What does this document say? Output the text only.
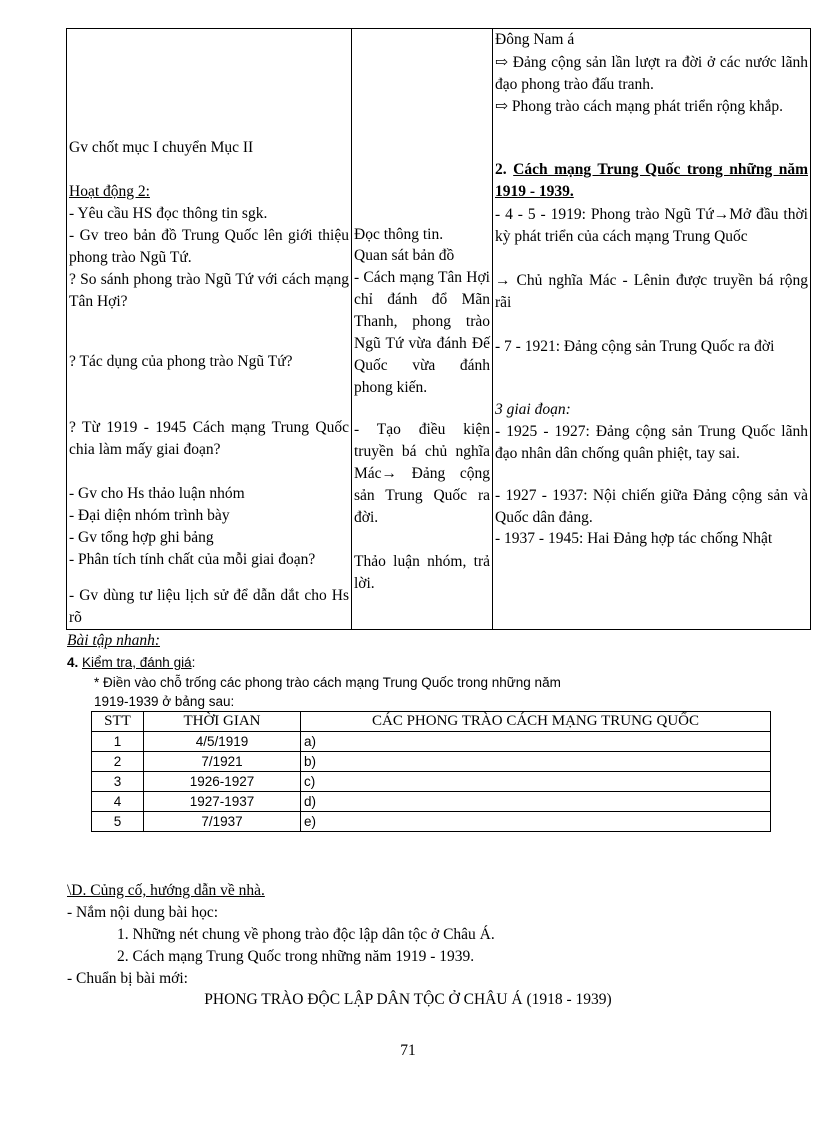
Gv chốt mục I chuyển Mục II
Hoạt động 2:
- Yêu cầu HS đọc thông tin sgk.
- Gv treo bản đồ Trung Quốc lên giới thiệu phong trào Ngũ Tứ.
? So sánh phong trào Ngũ Tứ với cách mạng Tân Hợi?
? Tác dụng của phong trào Ngũ Tứ?
? Từ 1919 - 1945 Cách mạng Trung Quốc chia làm mấy giai đoạn?
- Gv cho Hs thảo luận nhóm
- Đại diện nhóm trình bày
- Gv tổng hợp ghi bảng
- Phân tích tính chất của mỗi giai đoạn?
- Gv dùng tư liệu lịch sử để dẫn dắt cho Hs rõ

Đọc thông tin.
Quan sát bản đồ
- Cách mạng Tân Hợi chỉ đánh đổ Mãn Thanh, phong trào Ngũ Tứ vừa đánh Đế Quốc vừa đánh phong kiến.
- Tạo điều kiện truyền bá chủ nghĩa Mác→ Đảng cộng sản Trung Quốc ra đời.
Thảo luận nhóm, trả lời.

Đông Nam á
⇨ Đảng cộng sản lần lượt ra đời ở các nước lãnh đạo phong trào đấu tranh.
⇨ Phong trào cách mạng phát triển rộng khắp.
2. Cách mạng Trung Quốc trong những năm 1919 - 1939.
- 4 - 5 - 1919: Phong trào Ngũ Tứ→Mở đầu thời kỳ phát triển của cách mạng Trung Quốc
→ Chủ nghĩa Mác - Lênin được truyền bá rộng rãi
- 7 - 1921: Đảng cộng sản Trung Quốc ra đời
3 giai đoạn:
- 1925 - 1927: Đảng cộng sản Trung Quốc lãnh đạo nhân dân chống quân phiệt, tay sai.
- 1927 - 1937: Nội chiến giữa Đảng cộng sản và Quốc dân đảng.
- 1937 - 1945: Hai Đảng hợp tác chống Nhật
Bài tập nhanh:
4. Kiểm tra, đánh giá:
* Điền vào chỗ trống các phong trào cách mạng Trung Quốc trong những năm
1919-1939 ở bảng sau:
STT	THỜI GIAN	CÁC PHONG TRÀO CÁCH MẠNG TRUNG QUỐC
1	4/5/1919	a)
2	7/1921	b)
3	1926-1927	c)
4	1927-1937	d)
5	7/1937	e)
\D. Củng cố, hướng dẫn về nhà.
- Nắm nội dung bài học:
1. Những nét chung về phong trào độc lập dân tộc ở Châu Á.
2. Cách mạng Trung Quốc trong những năm 1919 - 1939.
- Chuẩn bị bài mới:
PHONG TRÀO ĐỘC LẬP DÂN TỘC Ở CHÂU Á (1918 - 1939)
71
